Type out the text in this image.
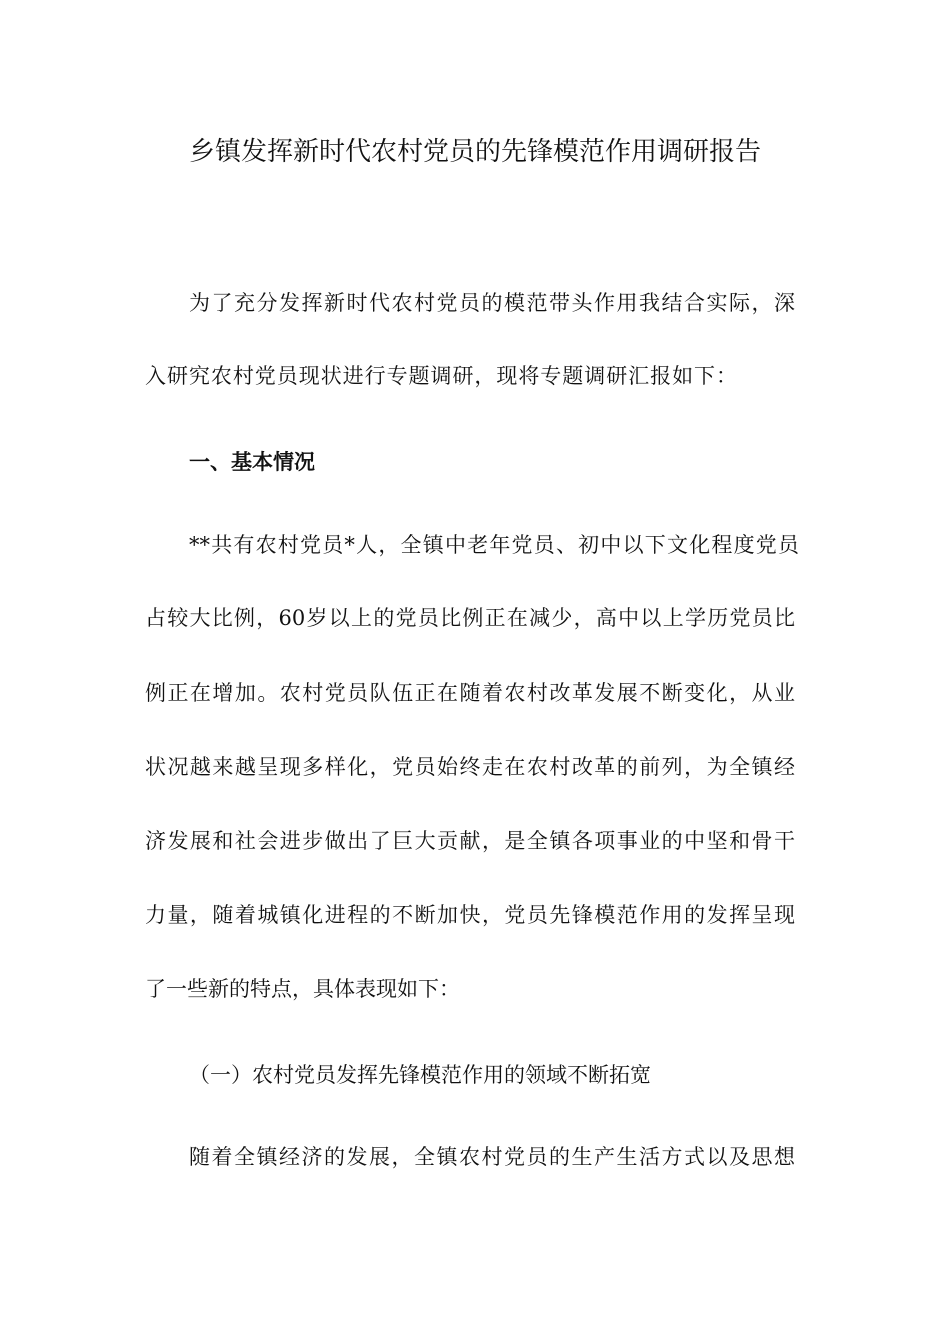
乡镇发挥新时代农村党员的先锋模范作用调研报告
为了充分发挥新时代农村党员的模范带头作用我结合实际，深
入研究农村党员现状进行专题调研，现将专题调研汇报如下：
一、基本情况
**共有农村党员*人，全镇中老年党员、初中以下文化程度党员
占较大比例，60岁以上的党员比例正在减少，高中以上学历党员比
例正在增加。农村党员队伍正在随着农村改革发展不断变化，从业
状况越来越呈现多样化，党员始终走在农村改革的前列，为全镇经
济发展和社会进步做出了巨大贡献，是全镇各项事业的中坚和骨干
力量，随着城镇化进程的不断加快，党员先锋模范作用的发挥呈现
了一些新的特点，具体表现如下：
（一）农村党员发挥先锋模范作用的领域不断拓宽
随着全镇经济的发展，全镇农村党员的生产生活方式以及思想
